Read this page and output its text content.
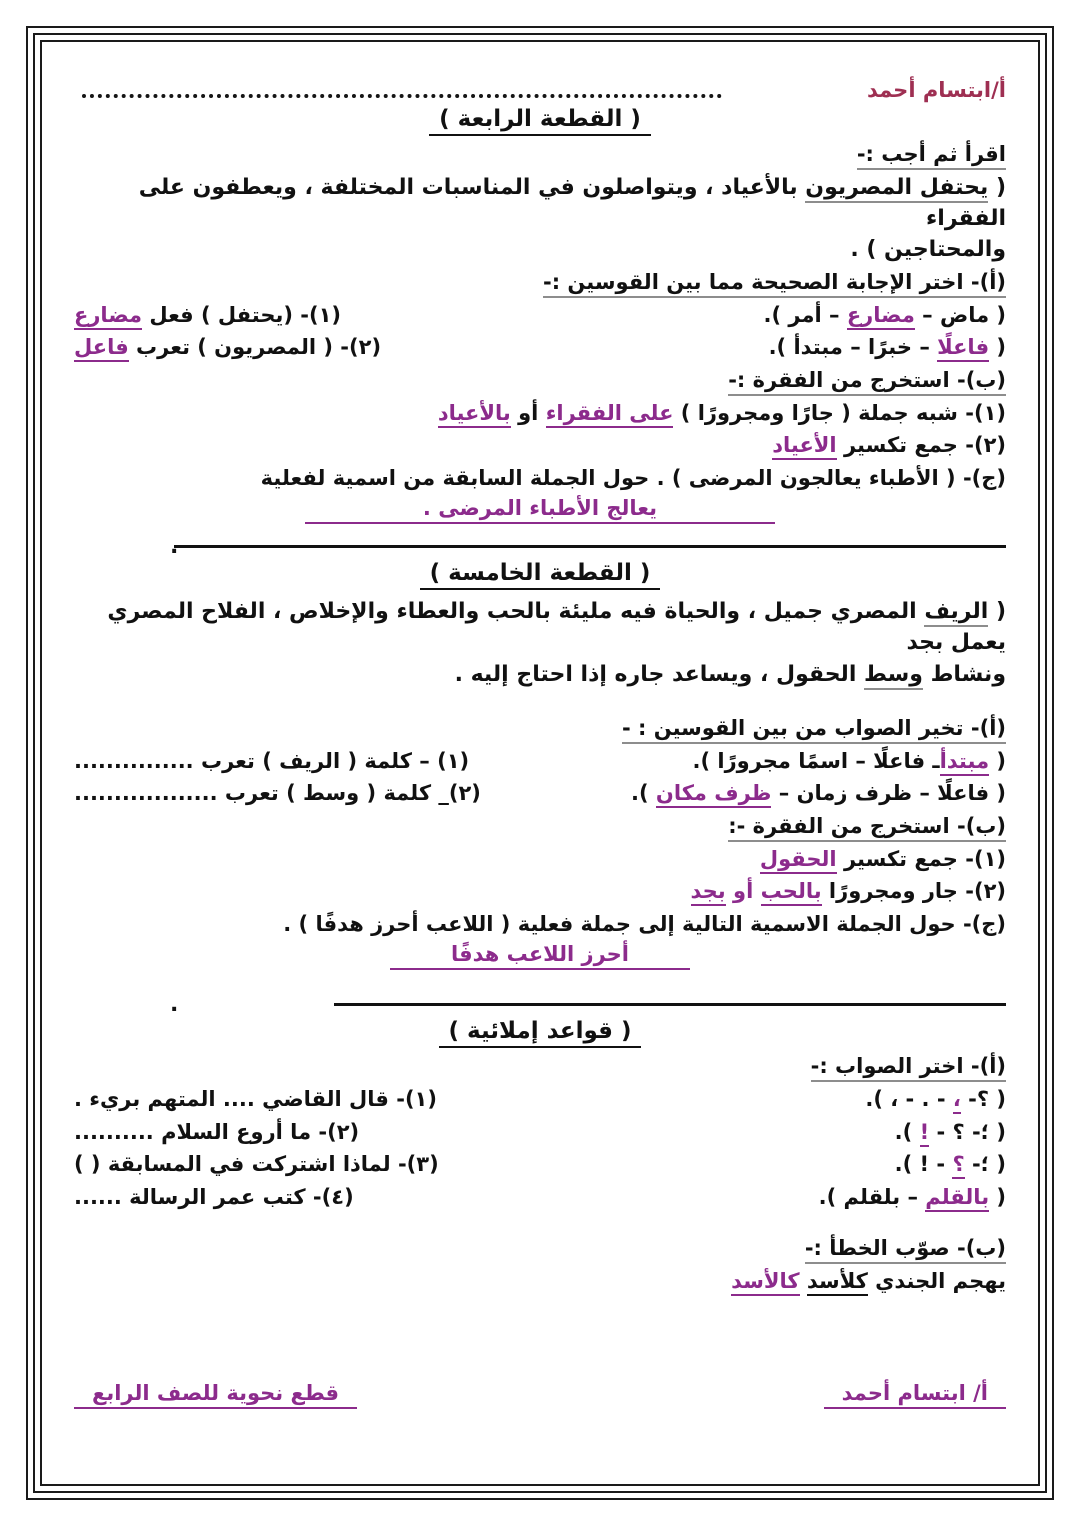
أ/ابتسام أحمد
( القطعة الرابعة )
اقرأ ثم أجب :-
( يحتفل المصريون بالأعياد ، ويتواصلون في المناسبات المختلفة ، ويعطفون على الفقراء
والمحتاجين ) .
(أ)- اختر الإجابة الصحيحة مما بين القوسين :-
(١)- (يحتفل ) فعل مضارع	( ماض – مضارع – أمر ).
(٢)- ( المصريون ) تعرب فاعل	( فاعلًا – خبرًا – مبتدأ ).
(ب)- استخرج من الفقرة :-
(١)- شبه جملة ( جارًا ومجرورًا ) على الفقراء أو بالأعياد
(٢)- جمع تكسير الأعياد
(ج)- ( الأطباء يعالجون المرضى ) . حول الجملة السابقة من اسمية لفعلية
يعالج الأطباء المرضى .
.
( القطعة الخامسة )
( الريف المصري جميل ، والحياة فيه مليئة بالحب والعطاء والإخلاص ، الفلاح المصري يعمل بجد
ونشاط وسط الحقول ، ويساعد جاره إذا احتاج إليه .
(أ)- تخير الصواب من بين القوسين : -
(١) – كلمة ( الريف ) تعرب ...............	( مبتدأـ فاعلًا – اسمًا مجرورًا ).
(٢)_ كلمة ( وسط ) تعرب ..................	( فاعلًا – ظرف زمان – ظرف مكان ).
(ب)- استخرج من الفقرة -:
(١)- جمع تكسير الحقول
(٢)- جار ومجرورًا بالحب أو بجد
(ج)- حول الجملة الاسمية التالية إلى جملة فعلية ( اللاعب أحرز هدفًا ) .
أحرز اللاعب هدفًا
.
( قواعد إملائية )
(أ)- اختر الصواب :-
(١)- قال القاضي .... المتهم بريء .	( ؟- ، - . - ، ).
(٢)- ما أروع السلام ..........	( ؛- ؟ - ! ).
(٣)- لماذا اشتركت في المسابقة ( )	( ؛- ؟ - ! ).
(٤)- كتب عمر الرسالة ......	( بالقلم – بلقلم ).
(ب)- صوّب الخطأ :-
يهجم الجندي كلأسد كالأسد
قطع نحوية للصف الرابع	أ/ ابتسام أحمد
